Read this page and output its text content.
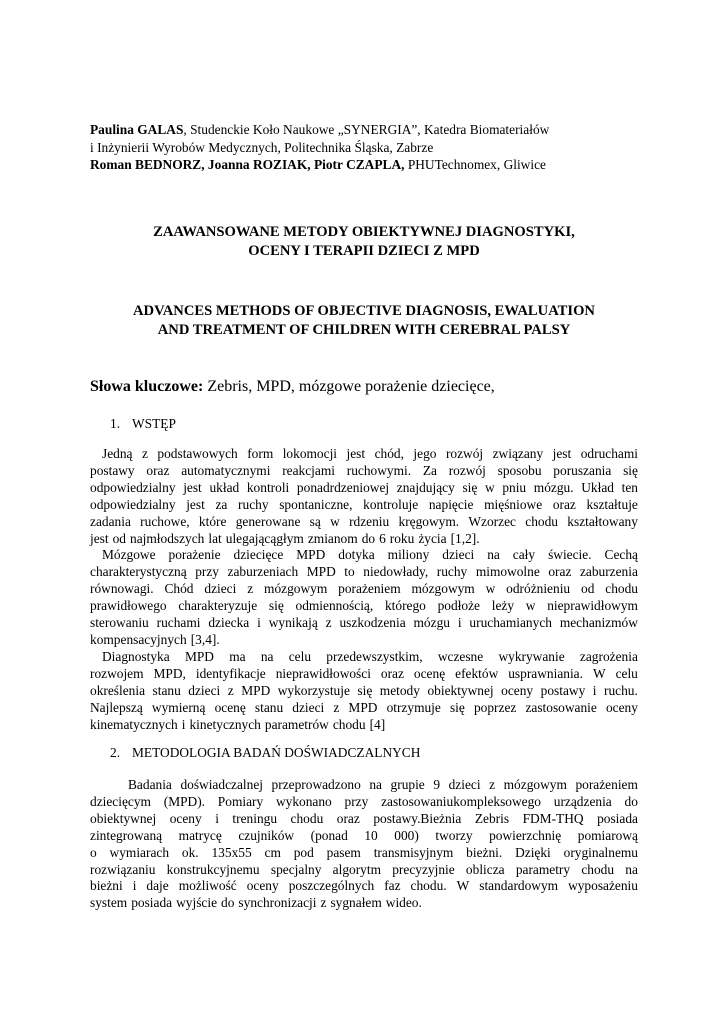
Paulina GALAS, Studenckie Koło Naukowe „SYNERGIA”, Katedra Biomateriałów

i Inżynierii Wyrobów Medycznych, Politechnika Śląska, Zabrze

Roman BEDNORZ, Joanna ROZIAK, Piotr CZAPLA, PHUTechnomex, Gliwice

ZAAWANSOWANE METODY OBIEKTYWNEJ DIAGNOSTYKI,
OCENY I TERAPII DZIECI Z MPD
ADVANCES METHODS OF OBJECTIVE DIAGNOSIS, EWALUATION
AND TREATMENT OF CHILDREN WITH CEREBRAL PALSY
Słowa kluczowe: Zebris, MPD, mózgowe porażenie dziecięce,
1. WSTĘP
Jedną z podstawowych form lokomocji jest chód, jego rozwój związany jest odruchami
postawy oraz automatycznymi reakcjami ruchowymi. Za rozwój sposobu poruszania się
odpowiedzialny jest układ kontroli ponadrdzeniowej znajdujący się w pniu mózgu. Układ ten
odpowiedzialny jest za ruchy spontaniczne, kontroluje napięcie mięśniowe oraz kształtuje
zadania ruchowe, które generowane są w rdzeniu kręgowym. Wzorzec chodu kształtowany
jest od najmłodszych lat ulegającągłym zmianom do 6 roku życia [1,2].
Mózgowe porażenie dziecięce MPD dotyka miliony dzieci na cały świecie. Cechą
charakterystyczną przy zaburzeniach MPD to niedowłady, ruchy mimowolne oraz zaburzenia
równowagi. Chód dzieci z mózgowym porażeniem mózgowym w odróżnieniu od chodu
prawidłowego charakteryzuje się odmiennością, którego podłoże leży w nieprawidłowym
sterowaniu ruchami dziecka i wynikają z uszkodzenia mózgu i uruchamianych mechanizmów
kompensacyjnych [3,4].
Diagnostyka MPD ma na celu przedewszystkim, wczesne wykrywanie zagrożenia
rozwojem MPD, identyfikacje nieprawidłowości oraz ocenę efektów usprawniania. W celu
określenia stanu dzieci z MPD wykorzystuje się metody obiektywnej oceny postawy i ruchu.
Najlepszą wymierną ocenę stanu dzieci z MPD otrzymuje się poprzez zastosowanie oceny
kinematycznych i kinetycznych parametrów chodu [4]
2. METODOLOGIA BADAŃ DOŚWIADCZALNYCH
Badania doświadczalnej przeprowadzono na grupie 9 dzieci z mózgowym porażeniem
dziecięcym (MPD). Pomiary wykonano przy zastosowaniukompleksowego urządzenia do
obiektywnej oceny i treningu chodu oraz postawy.Bieżnia Zebris FDM-THQ posiada
zintegrowaną matrycę czujników (ponad 10 000) tworzy powierzchnię pomiarową
o wymiarach ok. 135x55 cm pod pasem transmisyjnym bieżni. Dzięki oryginalnemu
rozwiązaniu konstrukcyjnemu specjalny algorytm precyzyjnie oblicza parametry chodu na
bieżni i daje możliwość oceny poszczególnych faz chodu. W standardowym wyposażeniu
system posiada wyjście do synchronizacji z sygnałem wideo.
